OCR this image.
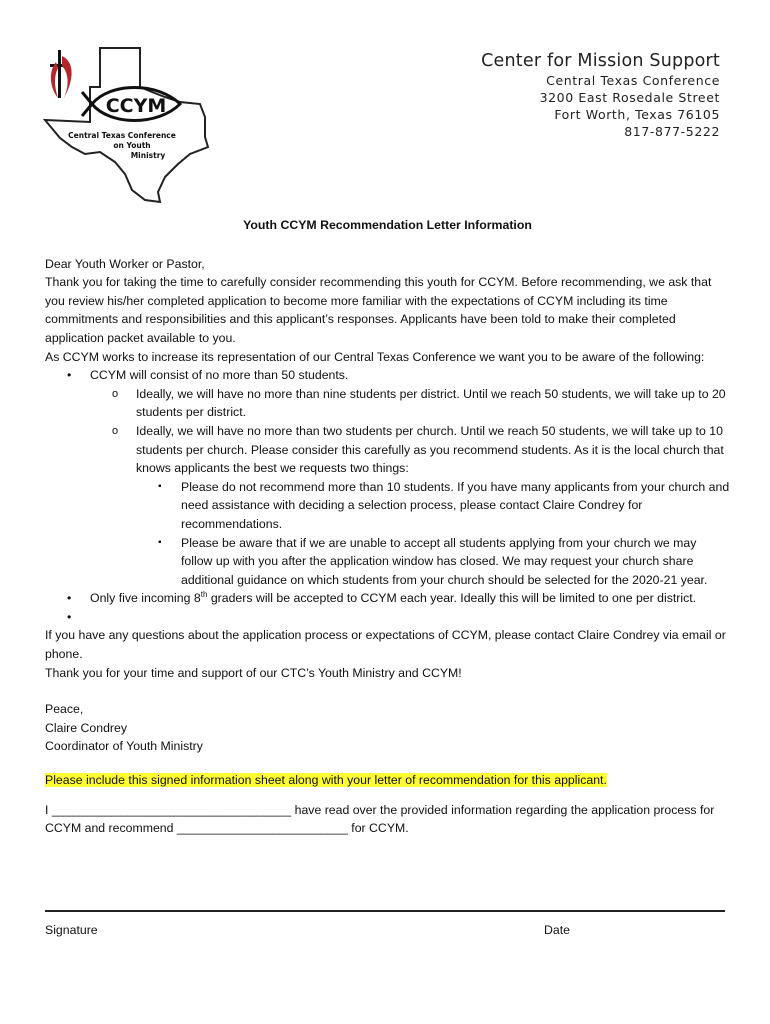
CCYM
Central Texas Conference
on Youth
Ministry
Center for Mission Support
Central Texas Conference
3200 East Rosedale Street
Fort Worth, Texas 76105
817-877-5222
Youth CCYM Recommendation Letter Information

Dear Youth Worker or Pastor,

Thank you for taking the time to carefully consider recommending this youth for CCYM. Before recommending, we ask that you review his/her completed application to become more familiar with the expectations of CCYM including its time commitments and responsibilities and this applicant’s responses. Applicants have been told to make their completed application packet available to you.

As CCYM works to increase its representation of our Central Texas Conference we want you to be aware of the following:

• CCYM will consist of no more than 50 students.
o Ideally, we will have no more than nine students per district. Until we reach 50 students, we will take up to 20 students per district.
o Ideally, we will have no more than two students per church. Until we reach 50 students, we will take up to 10 students per church. Please consider this carefully as you recommend students. As it is the local church that knows applicants the best we requests two things:
▪ Please do not recommend more than 10 students. If you have many applicants from your church and need assistance with deciding a selection process, please contact Claire Condrey for recommendations.
▪ Please be aware that if we are unable to accept all students applying from your church we may follow up with you after the application window has closed. We may request your church share additional guidance on which students from your church should be selected for the 2020-21 year.
• Only five incoming 8th graders will be accepted to CCYM each year. Ideally this will be limited to one per district.
•

If you have any questions about the application process or expectations of CCYM, please contact Claire Condrey via email or phone.

Thank you for your time and support of our CTC’s Youth Ministry and CCYM!

Peace,

Claire Condrey

Coordinator of Youth Ministry

Please include this signed information sheet along with your letter of recommendation for this applicant.

I ___________________________________ have read over the provided information regarding the application process for CCYM and recommend _________________________ for CCYM.

Signature	Date
